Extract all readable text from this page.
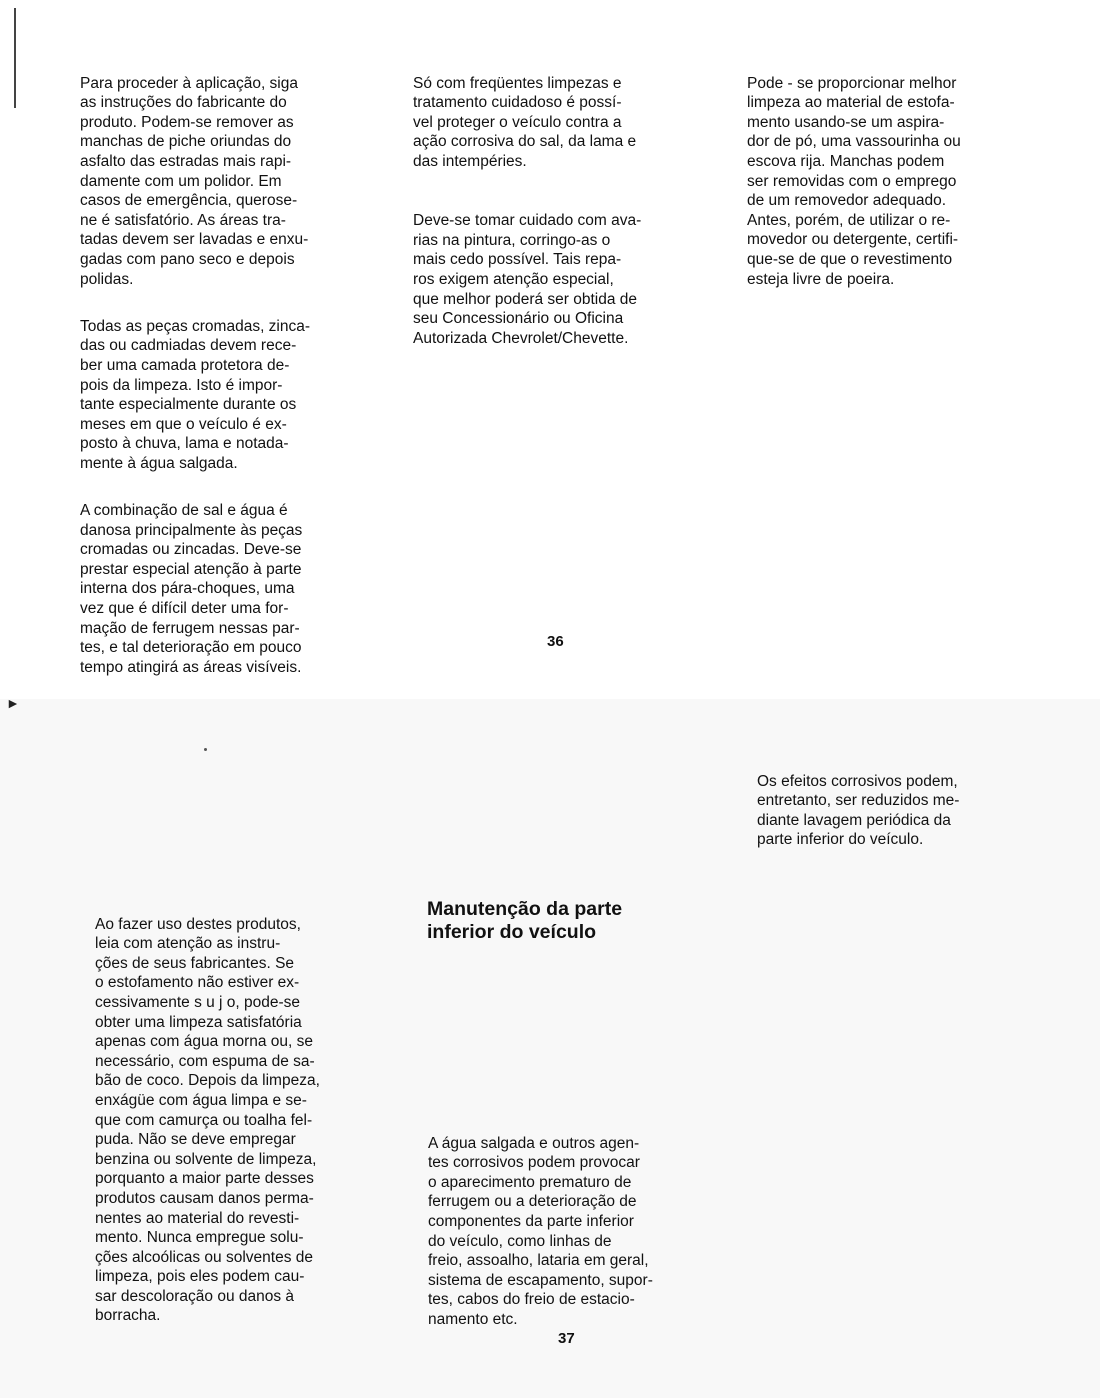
►

Para proceder à aplicação, siga
as instruções do fabricante do
produto. Podem-se remover as
manchas de piche oriundas do
asfalto das estradas mais rapi-
damente com um polidor. Em
casos de emergência, querose-
ne é satisfatório. As áreas tra-
tadas devem ser lavadas e enxu-
gadas com pano seco e depois
polidas.

Todas as peças cromadas, zinca-
das ou cadmiadas devem rece-
ber uma camada protetora de-
pois da limpeza. Isto é impor-
tante especialmente durante os
meses em que o veículo é ex-
posto à chuva, lama e notada-
mente à água salgada.

A combinação de sal e água é
danosa principalmente às peças
cromadas ou zincadas. Deve-se
prestar especial atenção à parte
interna dos pára-choques, uma
vez que é difícil deter uma for-
mação de ferrugem nessas par-
tes, e tal deterioração em pouco
tempo atingirá as áreas visíveis.

Só com freqüentes limpezas e
tratamento cuidadoso é possí-
vel proteger o veículo contra a
ação corrosiva do sal, da lama e
das intempéries.

Deve-se tomar cuidado com ava-
rias na pintura, corringo-as o
mais cedo possível. Tais repa-
ros exigem atenção especial,
que melhor poderá ser obtida de
seu Concessionário ou Oficina
Autorizada Chevrolet/Chevette.

Pode - se proporcionar melhor
limpeza ao material de estofa-
mento usando-se um aspira-
dor de pó, uma vassourinha ou
escova rija. Manchas podem
ser removidas com o emprego
de um removedor adequado.
Antes, porém, de utilizar o re-
movedor ou detergente, certifi-
que-se de que o revestimento
esteja livre de poeira.

36

Os efeitos corrosivos podem,
entretanto, ser reduzidos me-
diante lavagem periódica da
parte inferior do veículo.

Ao fazer uso destes produtos,
leia com atenção as instru-
ções de seus fabricantes. Se
o estofamento não estiver ex-
cessivamente s u j o, pode-se
obter uma limpeza satisfatória
apenas com água morna ou, se
necessário, com espuma de sa-
bão de coco. Depois da limpeza,
enxágüe com água limpa e se-
que com camurça ou toalha fel-
puda. Não se deve empregar
benzina ou solvente de limpeza,
porquanto a maior parte desses
produtos causam danos perma-
nentes ao material do revesti-
mento. Nunca empregue solu-
ções alcoólicas ou solventes de
limpeza, pois eles podem cau-
sar descoloração ou danos à
borracha.

Manutenção da parte
inferior do veículo

A água salgada e outros agen-
tes corrosivos podem provocar
o aparecimento prematuro de
ferrugem ou a deterioração de
componentes da parte inferior
do veículo, como linhas de
freio, assoalho, lataria em geral,
sistema de escapamento, supor-
tes, cabos do freio de estacio-
namento etc.

37
